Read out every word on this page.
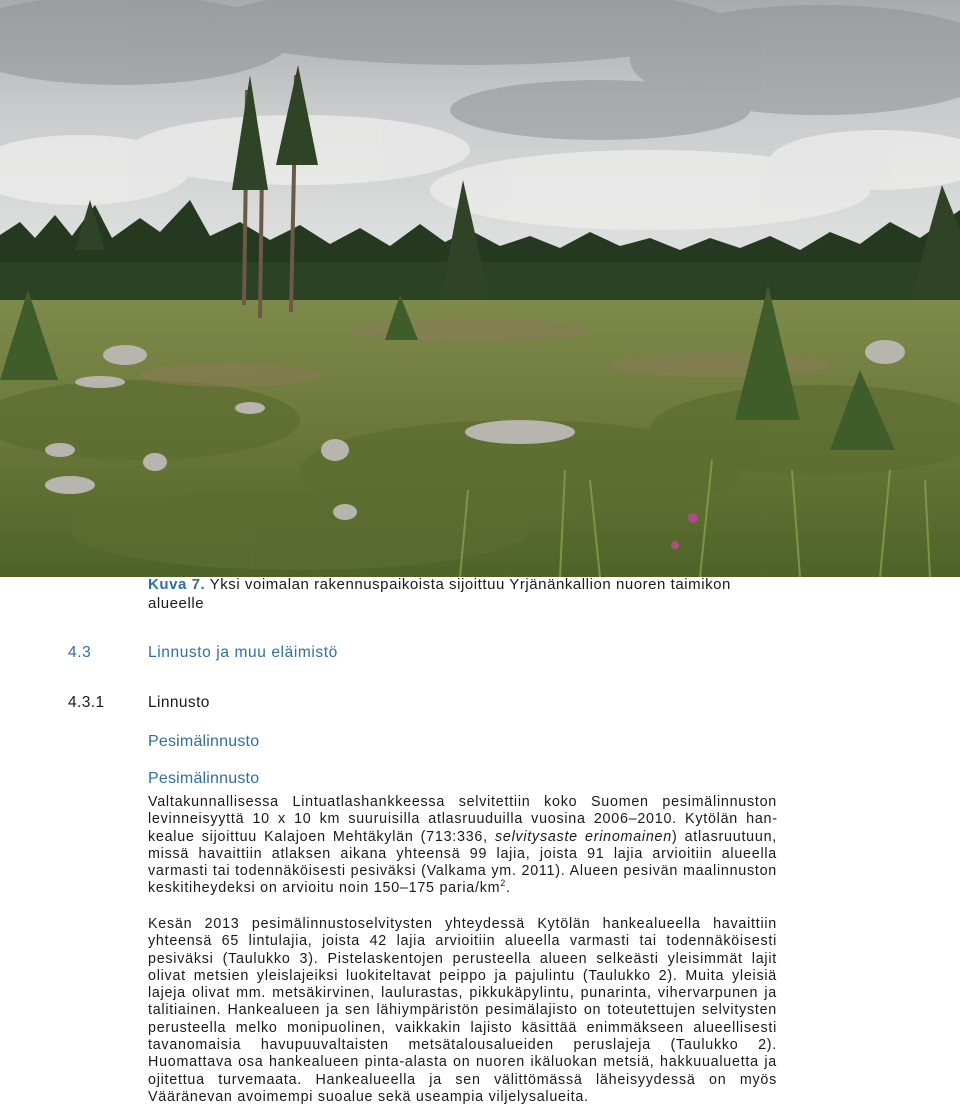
Kuva 7. Yksi voimalan rakennuspaikoista sijoittuu Yrjänänkallion nuoren taimikon alueelle
4.3	Linnusto ja muu eläimistö
4.3.1	Linnusto
Pesimälinnusto
Pesimälinnusto
Valtakunnallisessa Lintuatlashankkeessa selvitettiin koko Suomen pesimälinnuston levinneisyyttä 10 x 10 km suuruisilla atlasruuduilla vuosina 2006–2010. Kytölän hankealue sijoittuu Kalajoen Mehtäkylän (713:336, selvitysaste erinomainen) atlasruutuun, missä havaittiin atlaksen aikana yhteensä 99 lajia, joista 91 lajia arvioitiin alueella varmasti tai todennäköisesti pesiväksi (Valkama ym. 2011). Alueen pesivän maalinnuston keskitiheydeksi on arvioitu noin 150–175 paria/$km^2$.
Kesän 2013 pesimälinnustoselvitysten yhteydessä Kytölän hankealueella havaittiin yhteensä 65 lintulajia, joista 42 lajia arvioitiin alueella varmasti tai todennäköisesti pesiväksi (Taulukko 3). Pistelaskentojen perusteella alueen selkeästi yleisimmät lajit olivat metsien yleislajeiksi luokiteltavat peippo ja pajulintu (Taulukko 2). Muita yleisiä lajeja olivat mm. metsäkirvinen, laulurastas, pikkukäpylintu, punarinta, vihervarpunen ja talitiainen. Hankealueen ja sen lähiympäristön pesimälajisto on toteutettujen selvitysten perusteella melko monipuolinen, vaikkakin lajisto käsittää enimmäkseen alueellisesti tavanomaisia havupuuvaltaisten metsätalousalueiden peruslajeja (Taulukko 2). Huomattava osa hankealueen pinta-alasta on nuoren ikäluokan metsiä, hakkuualuetta ja ojitettua turvemaata. Hankealueella ja sen välittömässä läheisyydessä on myös Vääränevan avoimempi suoalue sekä useampia viljelysalueita.
